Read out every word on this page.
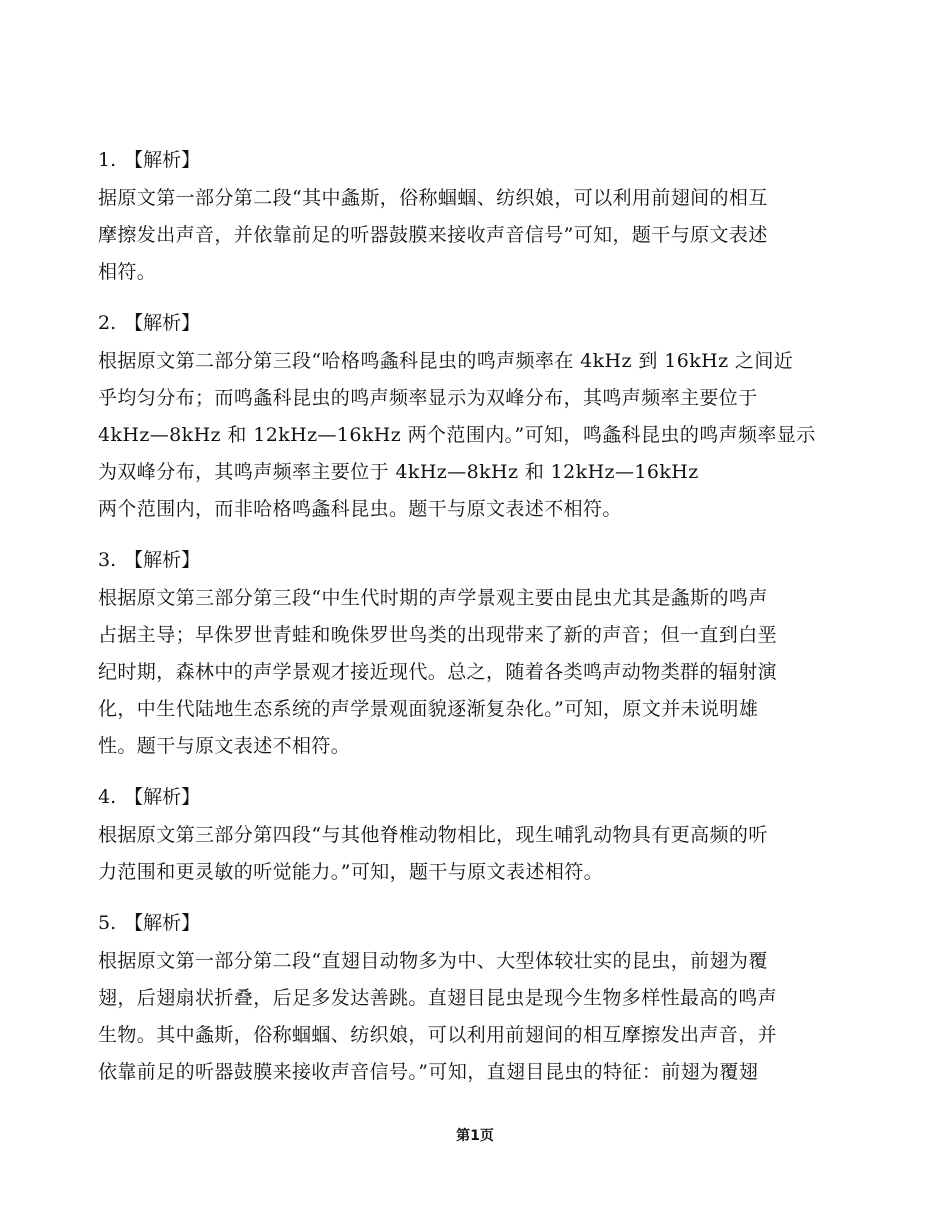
1. 【解析】
据原文第一部分第二段“其中螽斯，俗称蝈蝈、纺织娘，可以利用前翅间的相互
摩擦发出声音，并依靠前足的听器鼓膜来接收声音信号”可知，题干与原文表述
相符。
2. 【解析】
根据原文第二部分第三段“哈格鸣螽科昆虫的鸣声频率在 4kHz 到 16kHz 之间近
乎均匀分布；而鸣螽科昆虫的鸣声频率显示为双峰分布，其鸣声频率主要位于
4kHz—8kHz 和 12kHz—16kHz 两个范围内。”可知，鸣螽科昆虫的鸣声频率显示
为双峰分布，其鸣声频率主要位于 4kHz—8kHz 和 12kHz—16kHz
两个范围内，而非哈格鸣螽科昆虫。题干与原文表述不相符。
3. 【解析】
根据原文第三部分第三段“中生代时期的声学景观主要由昆虫尤其是螽斯的鸣声
占据主导；早侏罗世青蛙和晚侏罗世鸟类的出现带来了新的声音；但一直到白垩
纪时期，森林中的声学景观才接近现代。总之，随着各类鸣声动物类群的辐射演
化，中生代陆地生态系统的声学景观面貌逐渐复杂化。”可知，原文并未说明雄
性。题干与原文表述不相符。
4. 【解析】
根据原文第三部分第四段“与其他脊椎动物相比，现生哺乳动物具有更高频的听
力范围和更灵敏的听觉能力。”可知，题干与原文表述相符。
5. 【解析】
根据原文第一部分第二段“直翅目动物多为中、大型体较壮实的昆虫，前翅为覆
翅，后翅扇状折叠，后足多发达善跳。直翅目昆虫是现今生物多样性最高的鸣声
生物。其中螽斯，俗称蝈蝈、纺织娘，可以利用前翅间的相互摩擦发出声音，并
依靠前足的听器鼓膜来接收声音信号。”可知，直翅目昆虫的特征：前翅为覆翅
第1页
